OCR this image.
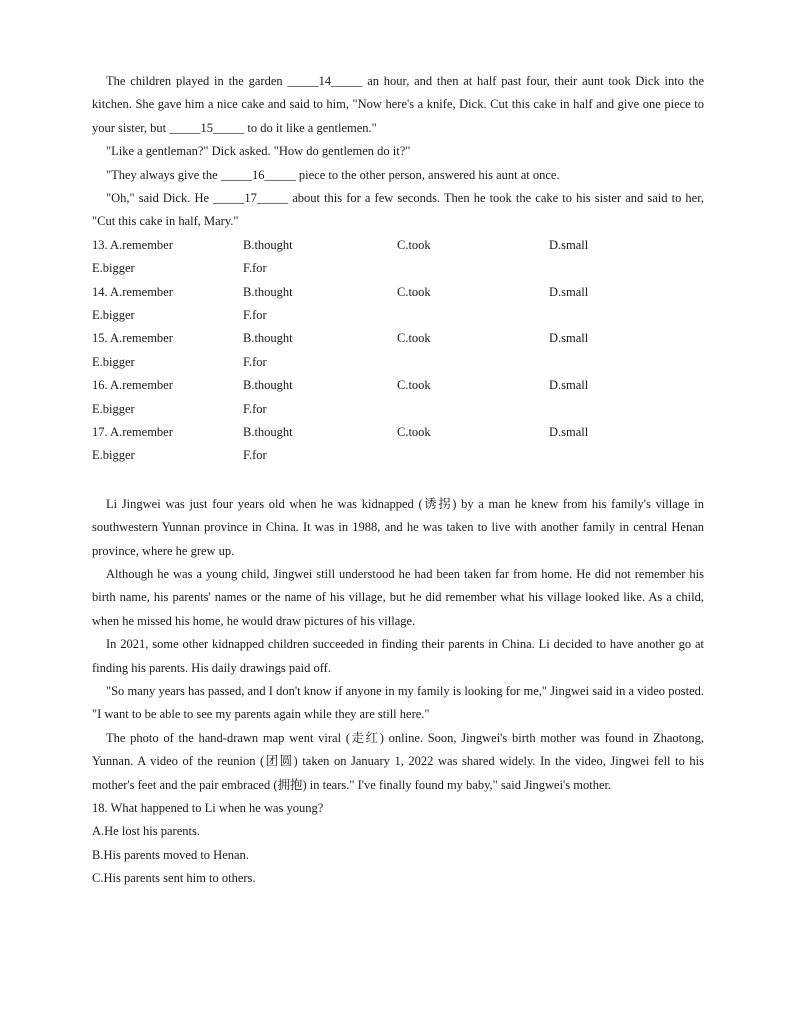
The children played in the garden _____14_____ an hour, and then at half past four, their aunt took Dick into the kitchen. She gave him a nice cake and said to him, "Now here's a knife, Dick. Cut this cake in half and give one piece to your sister, but _____15_____ to do it like a gentlemen."

"Like a gentleman?" Dick asked. "How do gentlemen do it?"

"They always give the _____16_____ piece to the other person, answered his aunt at once.

"Oh," said Dick. He _____17_____ about this for a few seconds. Then he took the cake to his sister and said to her, "Cut this cake in half, Mary."

13. A.remember	B.thought	C.took	D.small
E.bigger	F.for
14. A.remember	B.thought	C.took	D.small
E.bigger	F.for
15. A.remember	B.thought	C.took	D.small
E.bigger	F.for
16. A.remember	B.thought	C.took	D.small
E.bigger	F.for
17. A.remember	B.thought	C.took	D.small
E.bigger	F.for

Li Jingwei was just four years old when he was kidnapped (诱拐) by a man he knew from his family's village in southwestern Yunnan province in China. It was in 1988, and he was taken to live with another family in central Henan province, where he grew up.

Although he was a young child, Jingwei still understood he had been taken far from home. He did not remember his birth name, his parents' names or the name of his village, but he did remember what his village looked like. As a child, when he missed his home, he would draw pictures of his village.

In 2021, some other kidnapped children succeeded in finding their parents in China. Li decided to have another go at finding his parents. His daily drawings paid off.

"So many years has passed, and I don't know if anyone in my family is looking for me," Jingwei said in a video posted. "I want to be able to see my parents again while they are still here."

The photo of the hand-drawn map went viral (走红) online. Soon, Jingwei's birth mother was found in Zhaotong, Yunnan. A video of the reunion (团圆) taken on January 1, 2022 was shared widely. In the video, Jingwei fell to his mother's feet and the pair embraced (拥抱) in tears." I've finally found my baby," said Jingwei's mother.

18. What happened to Li when he was young?

A.He lost his parents.

B.His parents moved to Henan.

C.His parents sent him to others.
